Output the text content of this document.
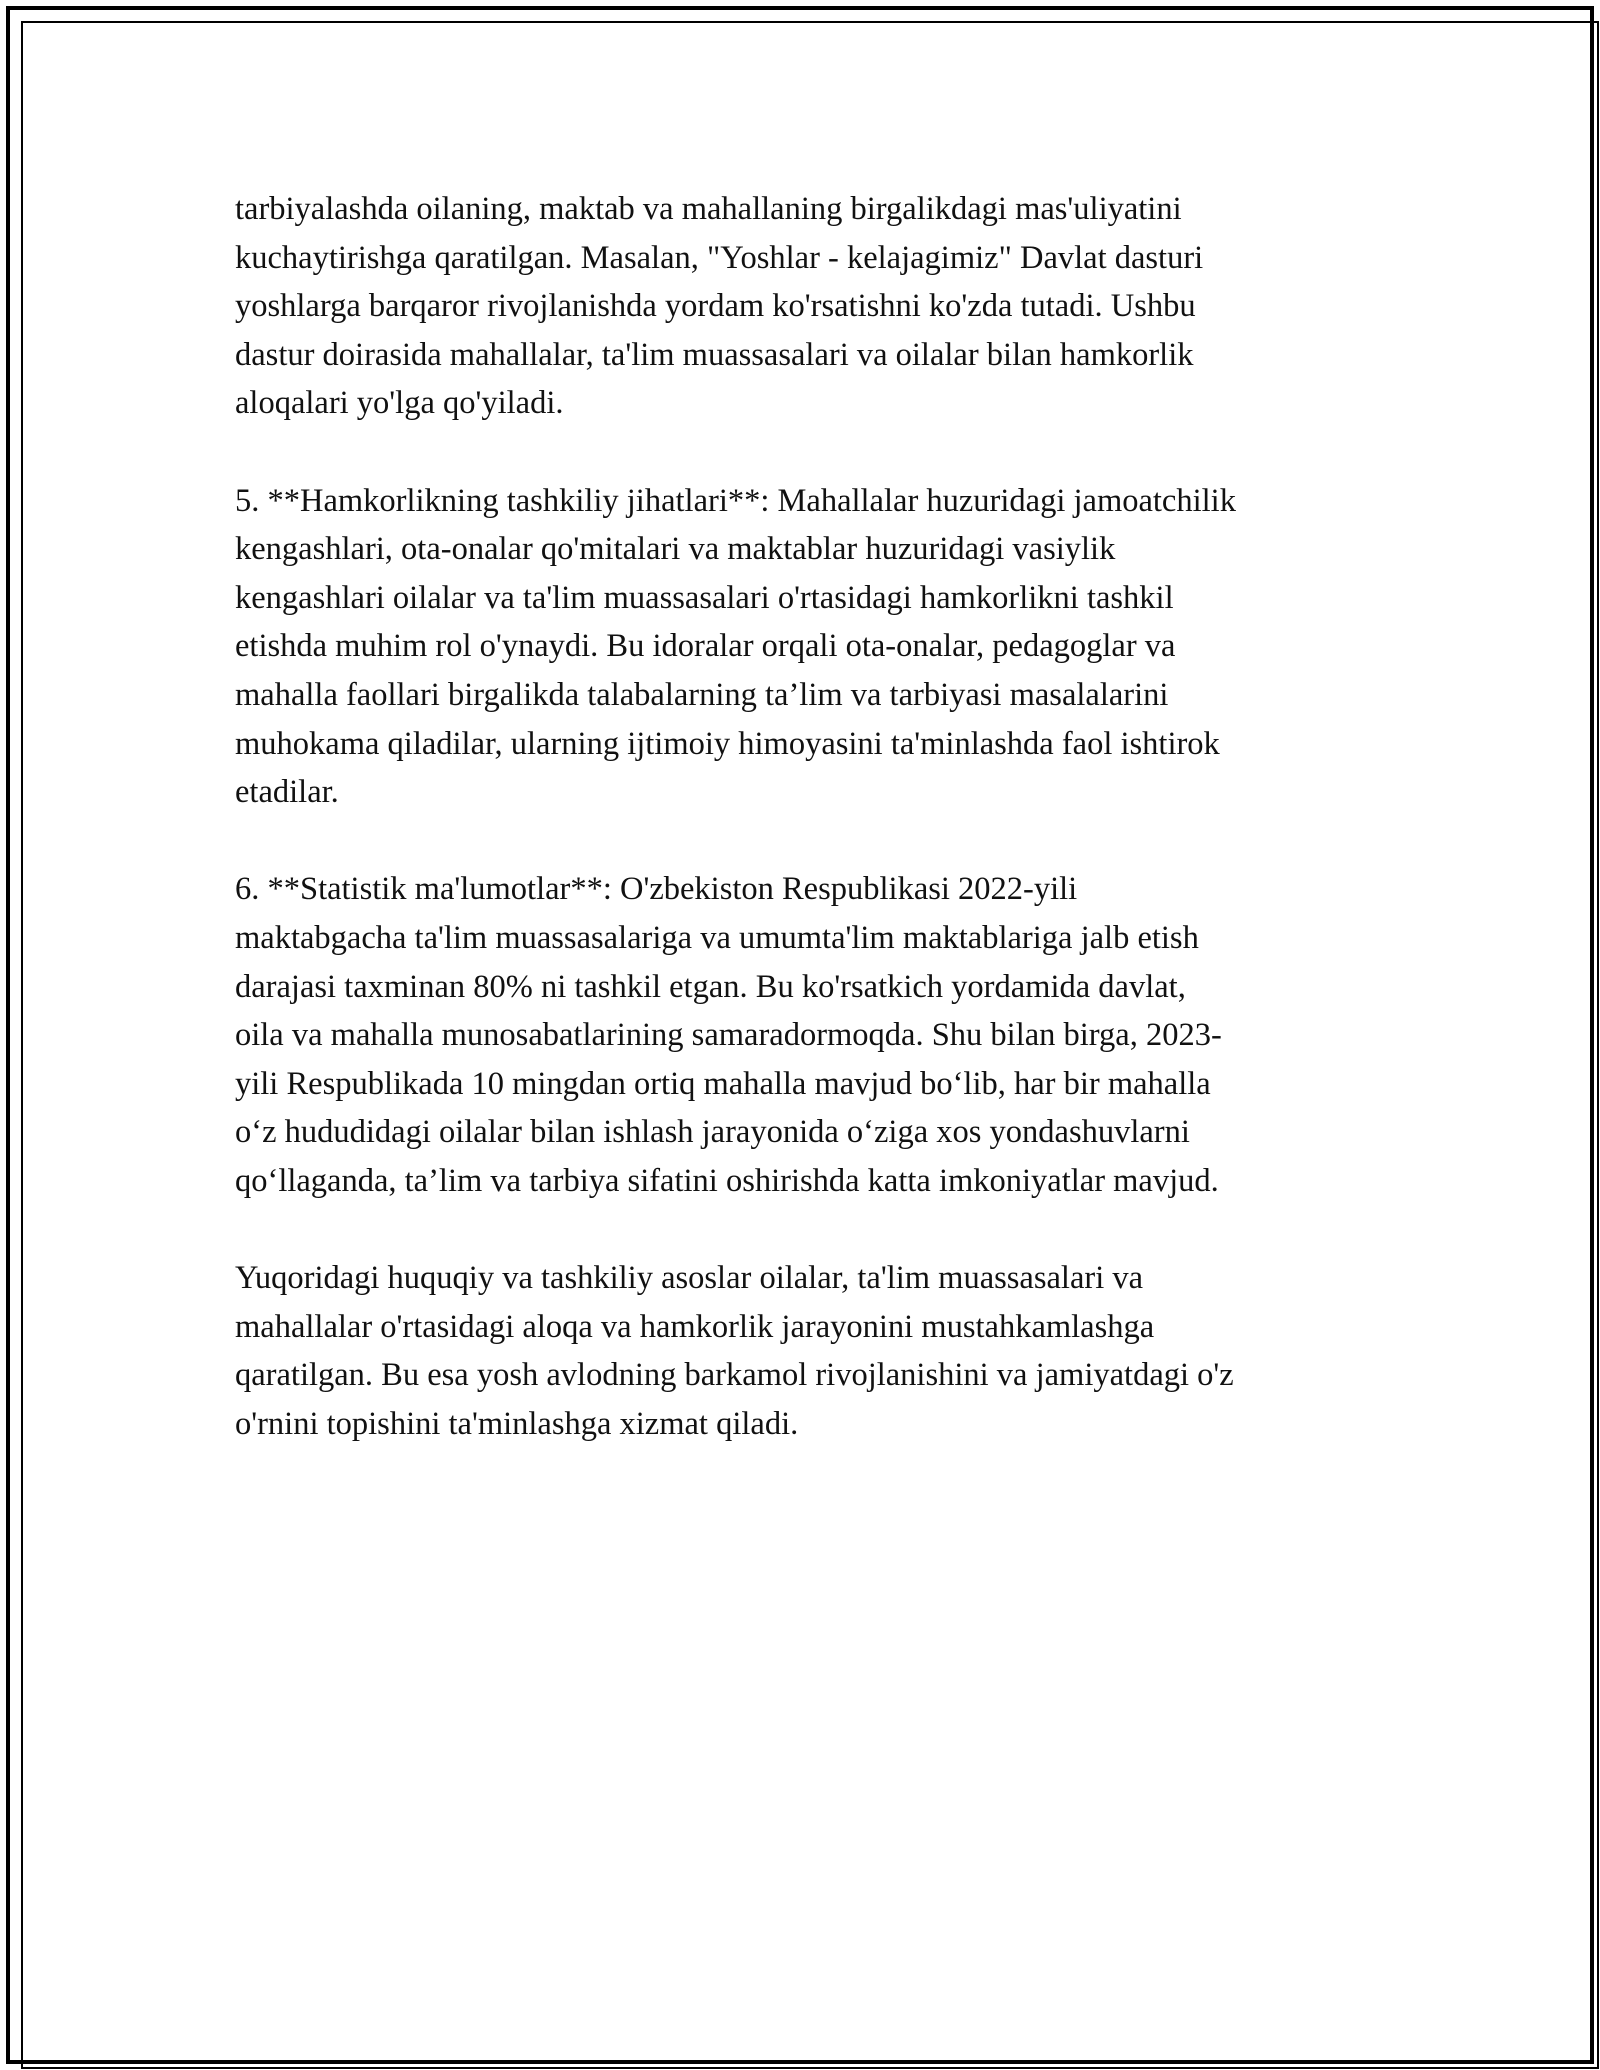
tarbiyalashda oilaning, maktab va mahallaning birgalikdagi mas'uliyatini
kuchaytirishga qaratilgan. Masalan, "Yoshlar - kelajagimiz" Davlat dasturi
yoshlarga barqaror rivojlanishda yordam ko'rsatishni ko'zda tutadi. Ushbu
dastur doirasida mahallalar, ta'lim muassasalari va oilalar bilan hamkorlik
aloqalari yo'lga qo'yiladi.

5. **Hamkorlikning tashkiliy jihatlari**: Mahallalar huzuridagi jamoatchilik
kengashlari, ota-onalar qo'mitalari va maktablar huzuridagi vasiylik
kengashlari oilalar va ta'lim muassasalari o'rtasidagi hamkorlikni tashkil
etishda muhim rol o'ynaydi. Bu idoralar orqali ota-onalar, pedagoglar va
mahalla faollari birgalikda talabalarning ta’lim va tarbiyasi masalalarini
muhokama qiladilar, ularning ijtimoiy himoyasini ta'minlashda faol ishtirok
etadilar.

6. **Statistik ma'lumotlar**: O'zbekiston Respublikasi 2022-yili
maktabgacha ta'lim muassasalariga va umumta'lim maktablariga jalb etish
darajasi taxminan 80% ni tashkil etgan. Bu ko'rsatkich yordamida davlat,
oila va mahalla munosabatlarining samaradormoqda. Shu bilan birga, 2023-
yili Respublikada 10 mingdan ortiq mahalla mavjud bo‘lib, har bir mahalla
o‘z hududidagi oilalar bilan ishlash jarayonida o‘ziga xos yondashuvlarni
qo‘llaganda, ta’lim va tarbiya sifatini oshirishda katta imkoniyatlar mavjud.

Yuqoridagi huquqiy va tashkiliy asoslar oilalar, ta'lim muassasalari va
mahallalar o'rtasidagi aloqa va hamkorlik jarayonini mustahkamlashga
qaratilgan. Bu esa yosh avlodning barkamol rivojlanishini va jamiyatdagi o'z
o'rnini topishini ta'minlashga xizmat qiladi.
